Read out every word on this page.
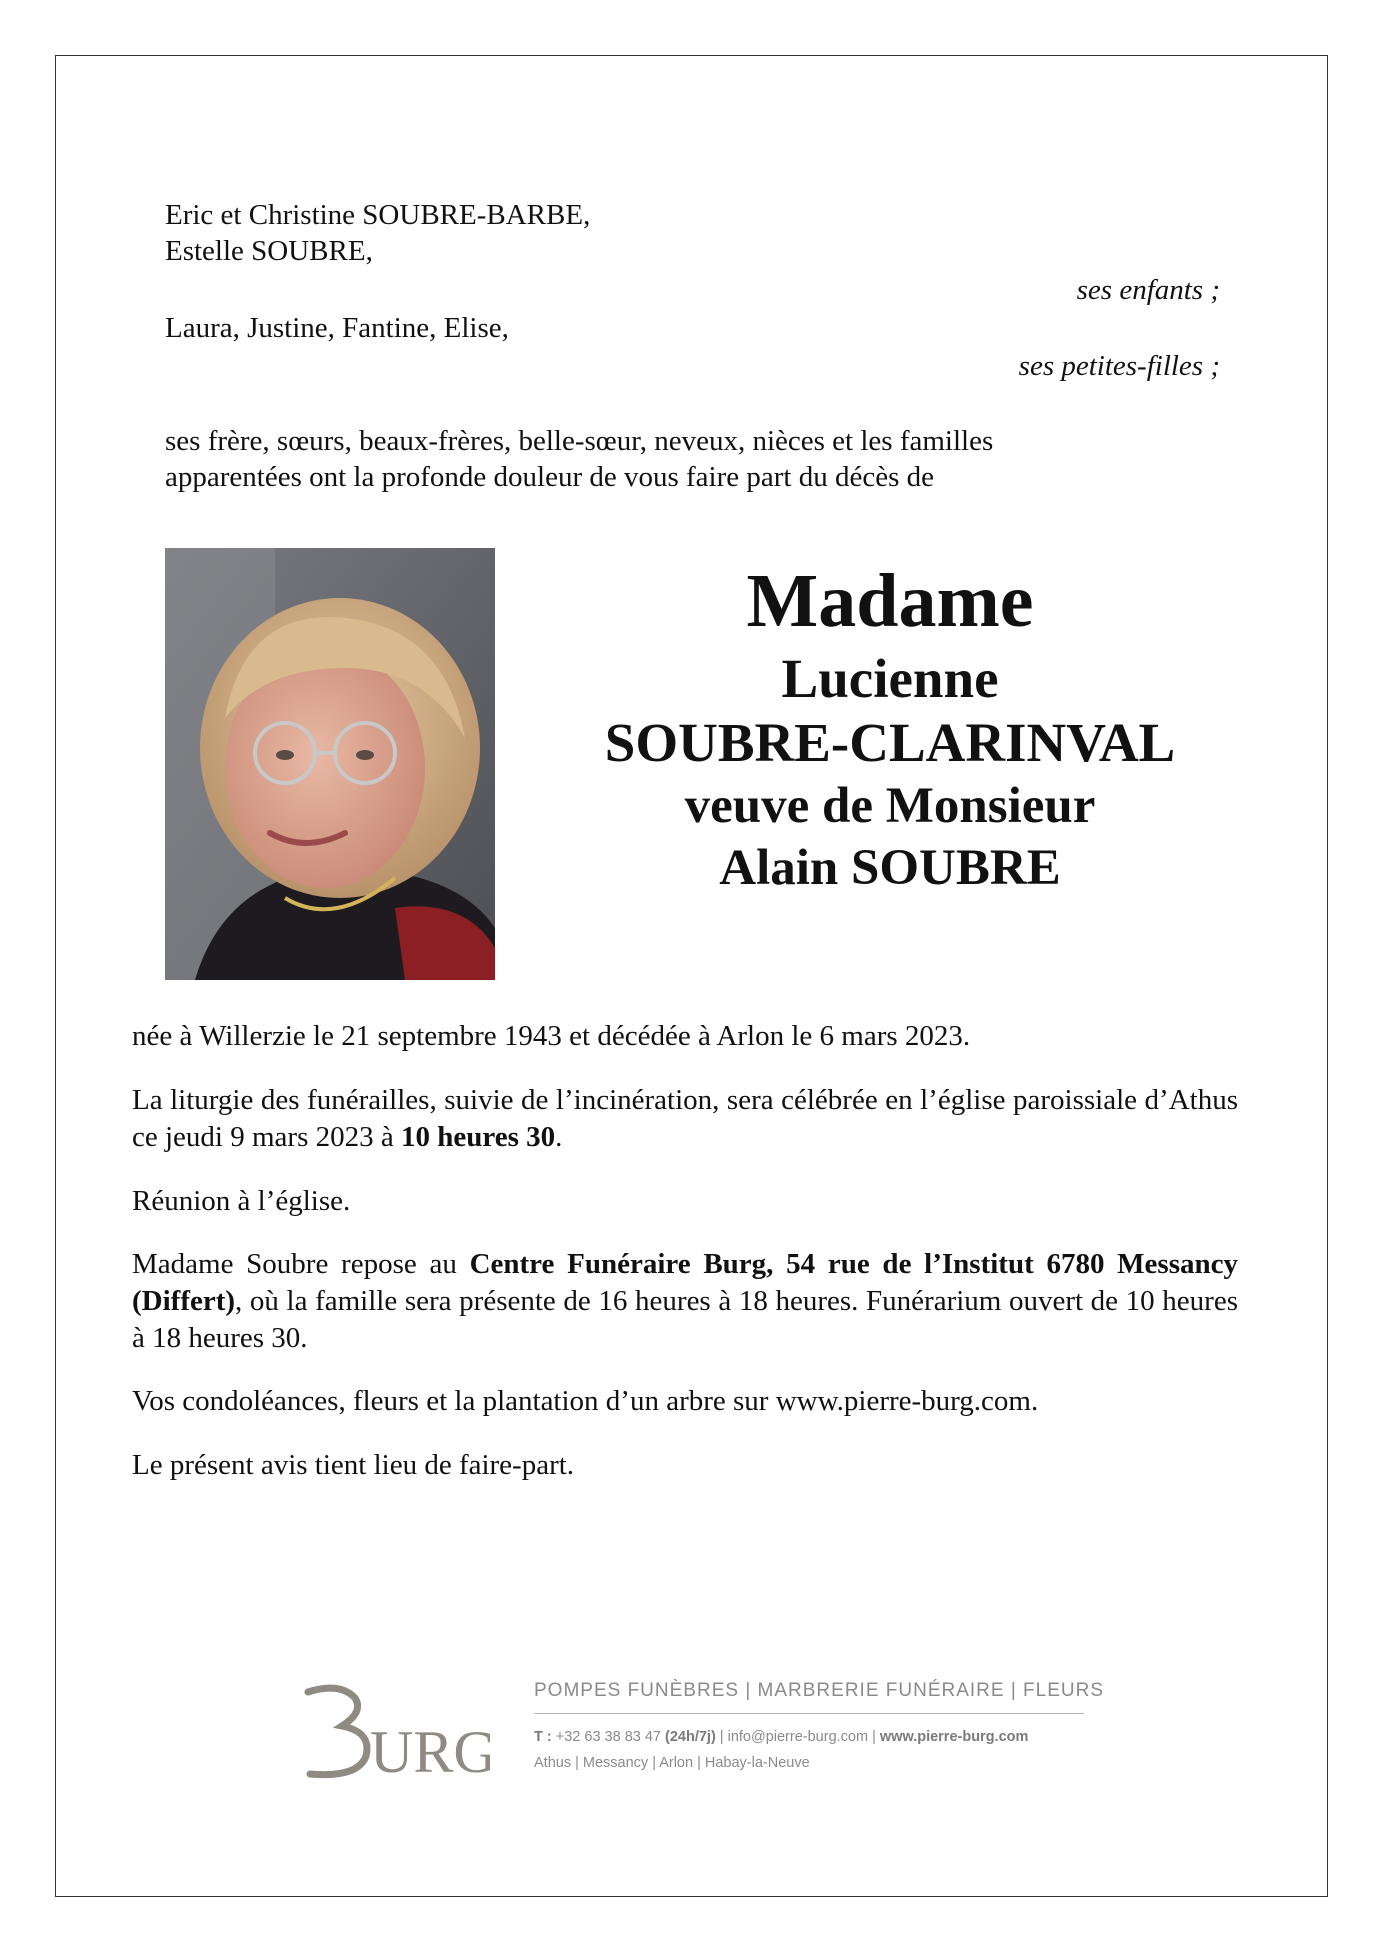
Eric et Christine SOUBRE-BARBE,

Estelle SOUBRE,

ses enfants ;

Laura, Justine, Fantine, Elise,

ses petites-filles ;

ses frère, sœurs, beaux-frères, belle-sœur, neveux, nièces et les familles

apparentées ont la profonde douleur de vous faire part du décès de

Madame
Lucienne
SOUBRE-CLARINVAL
veuve de Monsieur
Alain SOUBRE

née à Willerzie le 21 septembre 1943 et décédée à Arlon le 6 mars 2023.

La liturgie des funérailles, suivie de l’incinération, sera célébrée en l’église paroissiale d’Athus ce jeudi 9 mars 2023 à 10 heures 30.

Réunion à l’église.

Madame Soubre repose au Centre Funéraire Burg, 54 rue de l’Institut 6780 Messancy (Differt), où la famille sera présente de 16 heures à 18 heures. Funérarium ouvert de 10 heures à 18 heures 30.

Vos condoléances, fleurs et la plantation d’un arbre sur www.pierre-burg.com.

Le présent avis tient lieu de faire-part.

URG
POMPES FUNÈBRES | MARBRERIE FUNÉRAIRE | FLEURS
T : +32 63 38 83 47 (24h/7j) | info@pierre-burg.com | www.pierre-burg.com
Athus | Messancy | Arlon | Habay-la-Neuve
